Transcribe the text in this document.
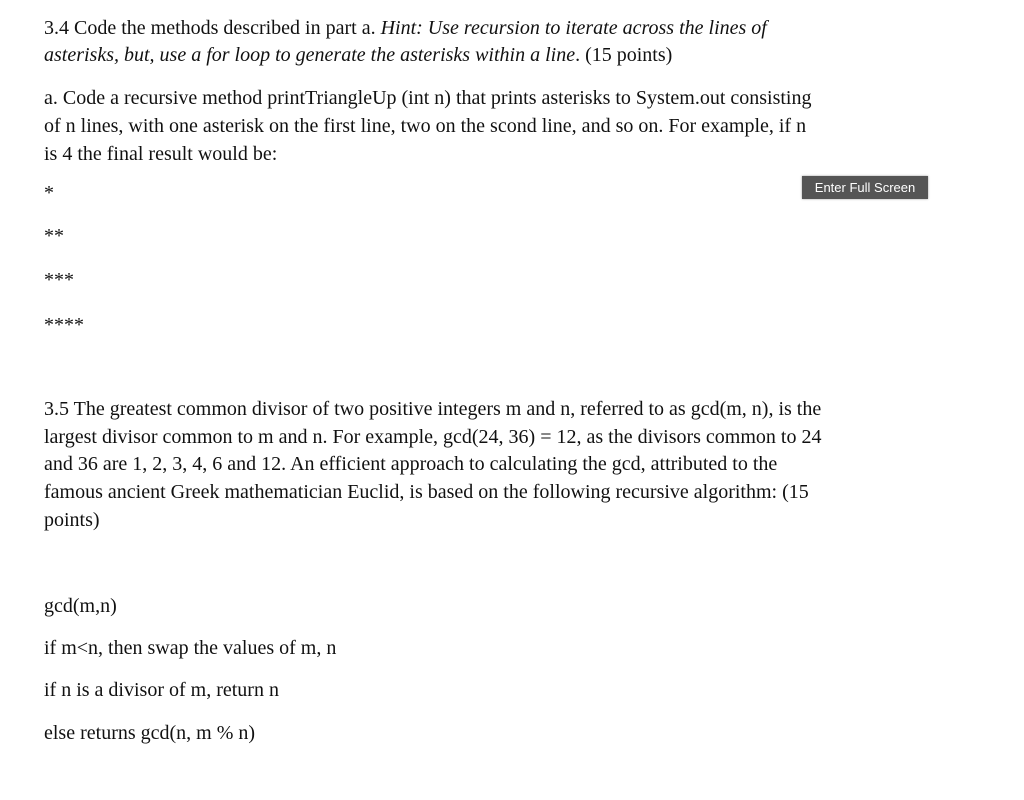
3.4 Code the methods described in part a. Hint: Use recursion to iterate across the lines of
asterisks, but, use a for loop to generate the asterisks within a line. (15 points)
a. Code a recursive method printTriangleUp (int n) that prints asterisks to System.out consisting
of n lines, with one asterisk on the first line, two on the scond line, and so on. For example, if n
is 4 the final result would be:
*
**
***
****
Enter Full Screen
3.5 The greatest common divisor of two positive integers m and n, referred to as gcd(m, n), is the
largest divisor common to m and n. For example, gcd(24, 36) = 12, as the divisors common to 24
and 36 are 1, 2, 3, 4, 6 and 12. An efficient approach to calculating the gcd, attributed to the
famous ancient Greek mathematician Euclid, is based on the following recursive algorithm: (15
points)
gcd(m,n)
if m<n, then swap the values of m, n
if n is a divisor of m, return n
else returns gcd(n, m % n)
